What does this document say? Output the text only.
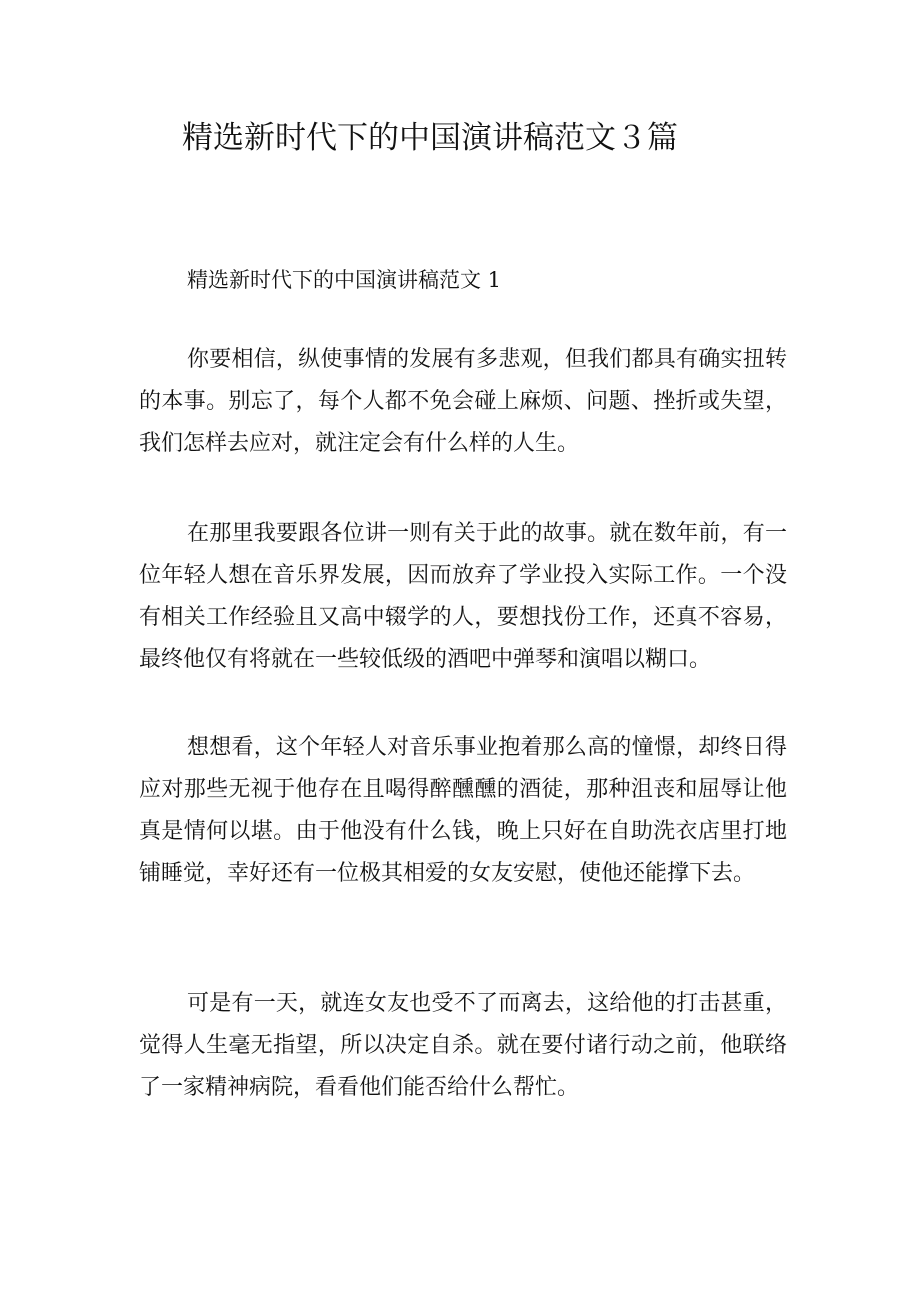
精选新时代下的中国演讲稿范文３篇

精选新时代下的中国演讲稿范文 1

你要相信，纵使事情的发展有多悲观，但我们都具有确实扭转的本事。别忘了，每个人都不免会碰上麻烦、问题、挫折或失望，我们怎样去应对，就注定会有什么样的人生。

在那里我要跟各位讲一则有关于此的故事。就在数年前，有一位年轻人想在音乐界发展，因而放弃了学业投入实际工作。一个没有相关工作经验且又高中辍学的人，要想找份工作，还真不容易，最终他仅有将就在一些较低级的酒吧中弹琴和演唱以糊口。

想想看，这个年轻人对音乐事业抱着那么高的憧憬，却终日得应对那些无视于他存在且喝得醉醺醺的酒徒，那种沮丧和屈辱让他真是情何以堪。由于他没有什么钱，晚上只好在自助洗衣店里打地铺睡觉，幸好还有一位极其相爱的女友安慰，使他还能撑下去。

可是有一天，就连女友也受不了而离去，这给他的打击甚重，觉得人生毫无指望，所以决定自杀。就在要付诸行动之前，他联络了一家精神病院，看看他们能否给什么帮忙。
